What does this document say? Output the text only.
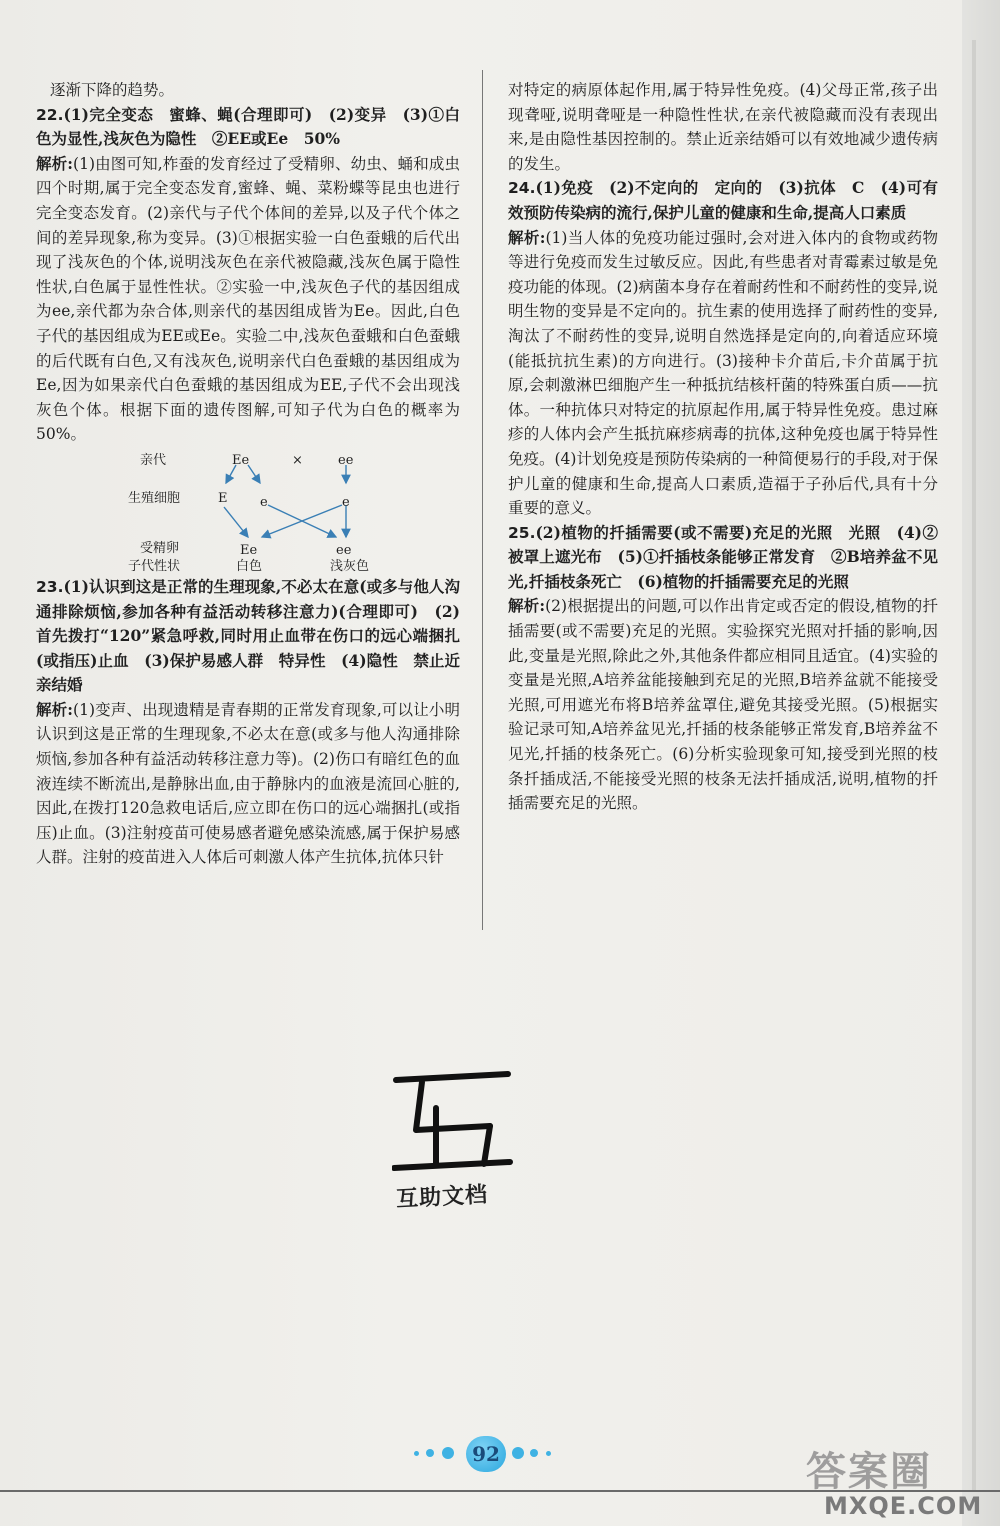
逐渐下降的趋势。

22.(1)完全变态　蜜蜂、蝇(合理即可)　(2)变异　(3)①白色为显性,浅灰色为隐性　②EE或Ee　50%

解析:(1)由图可知,柞蚕的发育经过了受精卵、幼虫、蛹和成虫四个时期,属于完全变态发育,蜜蜂、蝇、菜粉蝶等昆虫也进行完全变态发育。(2)亲代与子代个体间的差异,以及子代个体之间的差异现象,称为变异。(3)①根据实验一白色蚕蛾的后代出现了浅灰色的个体,说明浅灰色在亲代被隐藏,浅灰色属于隐性性状,白色属于显性性状。②实验一中,浅灰色子代的基因组成为ee,亲代都为杂合体,则亲代的基因组成皆为Ee。因此,白色子代的基因组成为EE或Ee。实验二中,浅灰色蚕蛾和白色蚕蛾的后代既有白色,又有浅灰色,说明亲代白色蚕蛾的基因组成为Ee,因为如果亲代白色蚕蛾的基因组成为EE,子代不会出现浅灰色个体。根据下面的遗传图解,可知子代为白色的概率为50%。

亲代	Ee	×	ee
生殖细胞	E	e	e
受精卵	Ee	ee
子代性状	白色	浅灰色

23.(1)认识到这是正常的生理现象,不必太在意(或多与他人沟通排除烦恼,参加各种有益活动转移注意力)(合理即可)　(2)首先拨打“120”紧急呼救,同时用止血带在伤口的远心端捆扎(或指压)止血　(3)保护易感人群　特异性　(4)隐性　禁止近亲结婚

解析:(1)变声、出现遗精是青春期的正常发育现象,可以让小明认识到这是正常的生理现象,不必太在意(或多与他人沟通排除烦恼,参加各种有益活动转移注意力等)。(2)伤口有暗红色的血液连续不断流出,是静脉出血,由于静脉内的血液是流回心脏的,因此,在拨打120急救电话后,应立即在伤口的远心端捆扎(或指压)止血。(3)注射疫苗可使易感者避免感染流感,属于保护易感人群。注射的疫苗进入人体后可刺激人体产生抗体,抗体只针

对特定的病原体起作用,属于特异性免疫。(4)父母正常,孩子出现聋哑,说明聋哑是一种隐性性状,在亲代被隐藏而没有表现出来,是由隐性基因控制的。禁止近亲结婚可以有效地减少遗传病的发生。

24.(1)免疫　(2)不定向的　定向的　(3)抗体　C　(4)可有效预防传染病的流行,保护儿童的健康和生命,提高人口素质

解析:(1)当人体的免疫功能过强时,会对进入体内的食物或药物等进行免疫而发生过敏反应。因此,有些患者对青霉素过敏是免疫功能的体现。(2)病菌本身存在着耐药性和不耐药性的变异,说明生物的变异是不定向的。抗生素的使用选择了耐药性的变异,淘汰了不耐药性的变异,说明自然选择是定向的,向着适应环境(能抵抗抗生素)的方向进行。(3)接种卡介苗后,卡介苗属于抗原,会刺激淋巴细胞产生一种抵抗结核杆菌的特殊蛋白质——抗体。一种抗体只对特定的抗原起作用,属于特异性免疫。患过麻疹的人体内会产生抵抗麻疹病毒的抗体,这种免疫也属于特异性免疫。(4)计划免疫是预防传染病的一种简便易行的手段,对于保护儿童的健康和生命,提高人口素质,造福于子孙后代,具有十分重要的意义。

25.(2)植物的扦插需要(或不需要)充足的光照　光照　(4)②被罩上遮光布　(5)①扦插枝条能够正常发育　②B培养盆不见光,扦插枝条死亡　(6)植物的扦插需要充足的光照

解析:(2)根据提出的问题,可以作出肯定或否定的假设,植物的扦插需要(或不需要)充足的光照。实验探究光照对扦插的影响,因此,变量是光照,除此之外,其他条件都应相同且适宜。(4)实验的变量是光照,A培养盆能接触到充足的光照,B培养盆就不能接受光照,可用遮光布将B培养盆罩住,避免其接受光照。(5)根据实验记录可知,A培养盆见光,扦插的枝条能够正常发育,B培养盆不见光,扦插的枝条死亡。(6)分析实验现象可知,接受到光照的枝条扦插成活,不能接受光照的枝条无法扦插成活,说明,植物的扦插需要充足的光照。

互助文档
92	答案圈
MXQE.COM
